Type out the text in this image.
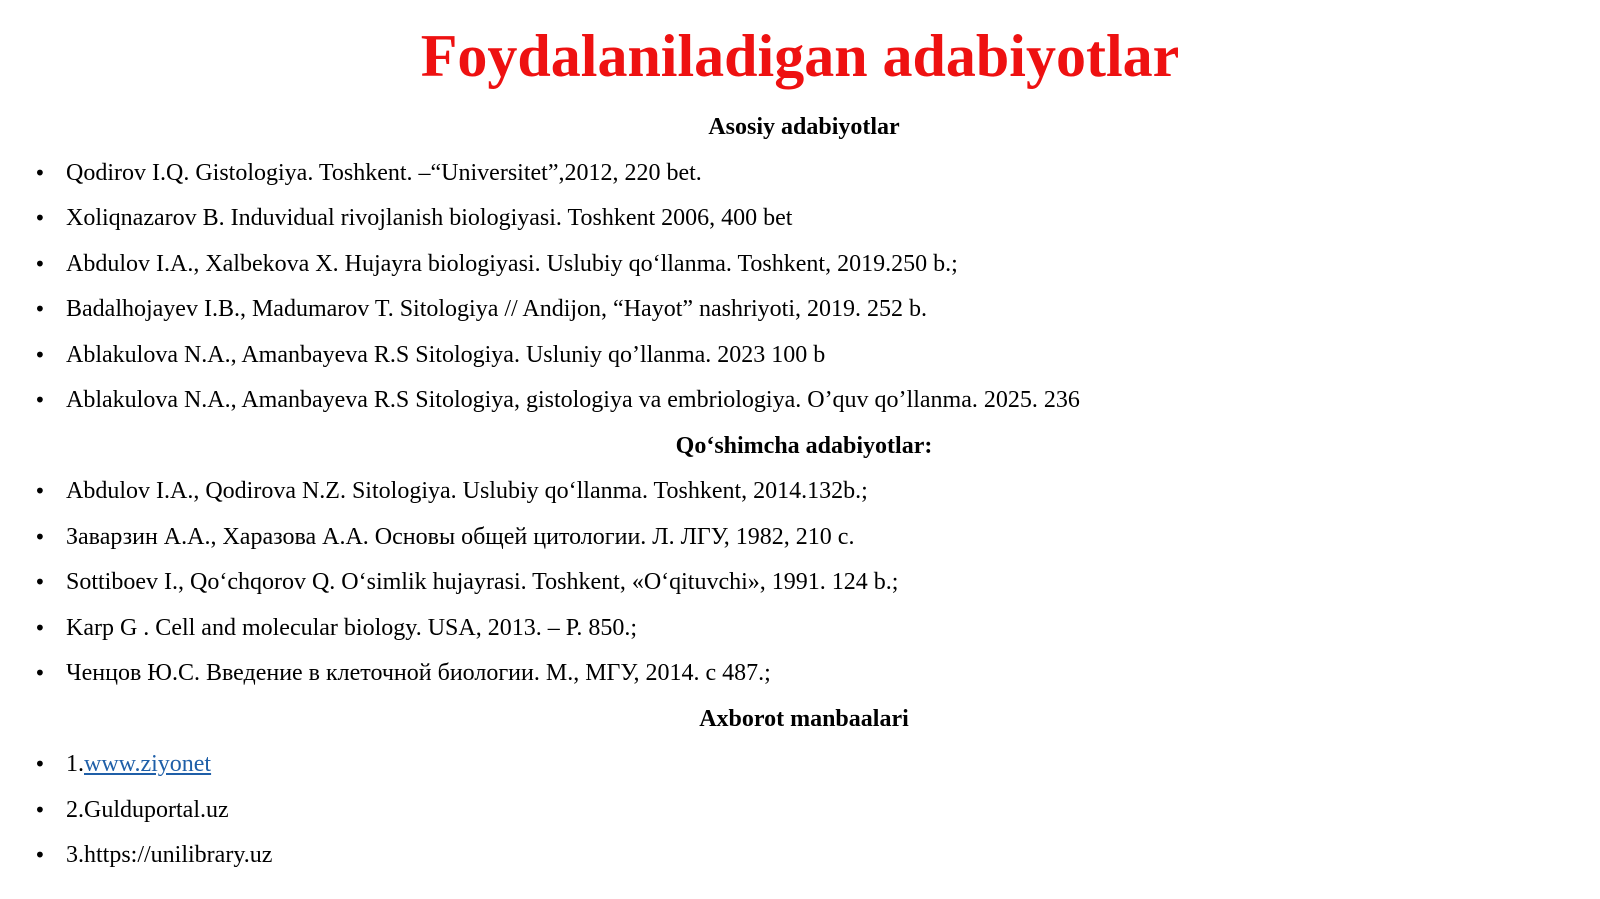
Foydalaniladigan adabiyotlar
Asosiy adabiyotlar
• Qodirov I.Q. Gistologiya. Toshkent. –“Universitet”,2012, 220 bet.
• Xoliqnazarov B. Induvidual rivojlanish biologiyasi. Toshkent 2006, 400 bet
• Abdulov I.A., Xalbekova X. Hujayra biologiyasi. Uslubiy qo‘llanma. Toshkent, 2019.250 b.;
• Badalhojayev I.B., Madumarov T. Sitologiya // Andijon, “Hayot” nashriyoti, 2019. 252 b.
• Ablakulova N.A., Amanbayeva R.S Sitologiya. Usluniy qo’llanma. 2023 100 b
• Ablakulova N.A., Amanbayeva R.S Sitologiya, gistologiya va embriologiya. O’quv qo’llanma. 2025. 236
Qo‘shimcha adabiyotlar:
• Abdulov I.A., Qodirova N.Z. Sitologiya. Uslubiy qo‘llanma. Toshkent, 2014.132b.;
• Заварзин А.А., Харазова А.А. Основы общей цитологии. Л. ЛГУ, 1982, 210 с.
• Sottiboev I., Qo‘chqorov Q. O‘simlik hujayrasi. Toshkent, «O‘qituvchi», 1991. 124 b.;
• Karp G . Cell and molecular biology. USA, 2013. – P. 850.;
• Ченцов Ю.С. Введение в клеточной биологии. М., МГУ, 2014. с 487.;
Axborot manbaalari
• 1.www.ziyonet
• 2.Gulduportal.uz
• 3.https://unilibrary.uz
